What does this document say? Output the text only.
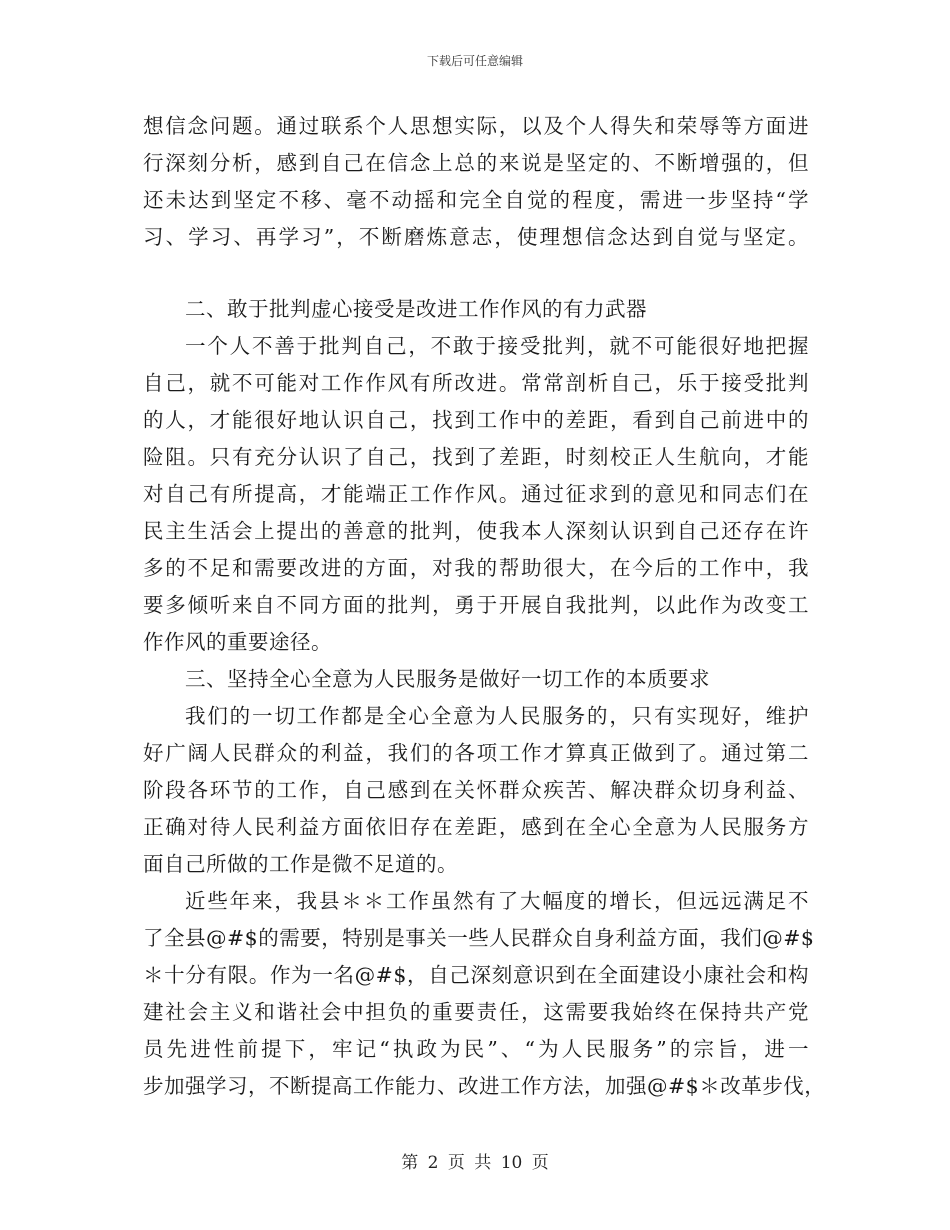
下载后可任意编辑
想信念问题。通过联系个人思想实际，以及个人得失和荣辱等方面进
行深刻分析，感到自己在信念上总的来说是坚定的、不断增强的，但
还未达到坚定不移、毫不动摇和完全自觉的程度，需进一步坚持“学
习、学习、再学习”，不断磨炼意志，使理想信念达到自觉与坚定。
二、敢于批判虚心接受是改进工作作风的有力武器
一个人不善于批判自己，不敢于接受批判，就不可能很好地把握
自己，就不可能对工作作风有所改进。常常剖析自己，乐于接受批判
的人，才能很好地认识自己，找到工作中的差距，看到自己前进中的
险阻。只有充分认识了自己，找到了差距，时刻校正人生航向，才能
对自己有所提高，才能端正工作作风。通过征求到的意见和同志们在
民主生活会上提出的善意的批判，使我本人深刻认识到自己还存在许
多的不足和需要改进的方面，对我的帮助很大，在今后的工作中，我
要多倾听来自不同方面的批判，勇于开展自我批判，以此作为改变工
作作风的重要途径。
三、坚持全心全意为人民服务是做好一切工作的本质要求
我们的一切工作都是全心全意为人民服务的，只有实现好，维护
好广阔人民群众的利益，我们的各项工作才算真正做到了。通过第二
阶段各环节的工作，自己感到在关怀群众疾苦、解决群众切身利益、
正确对待人民利益方面依旧存在差距，感到在全心全意为人民服务方
面自己所做的工作是微不足道的。
近些年来，我县＊＊工作虽然有了大幅度的增长，但远远满足不
了全县@#$的需要，特别是事关一些人民群众自身利益方面，我们@#$
＊十分有限。作为一名@#$，自己深刻意识到在全面建设小康社会和构
建社会主义和谐社会中担负的重要责任，这需要我始终在保持共产党
员先进性前提下，牢记“执政为民”、“为人民服务”的宗旨，进一
步加强学习，不断提高工作能力、改进工作方法，加强@#$＊改革步伐，
第 2 页 共 10 页
